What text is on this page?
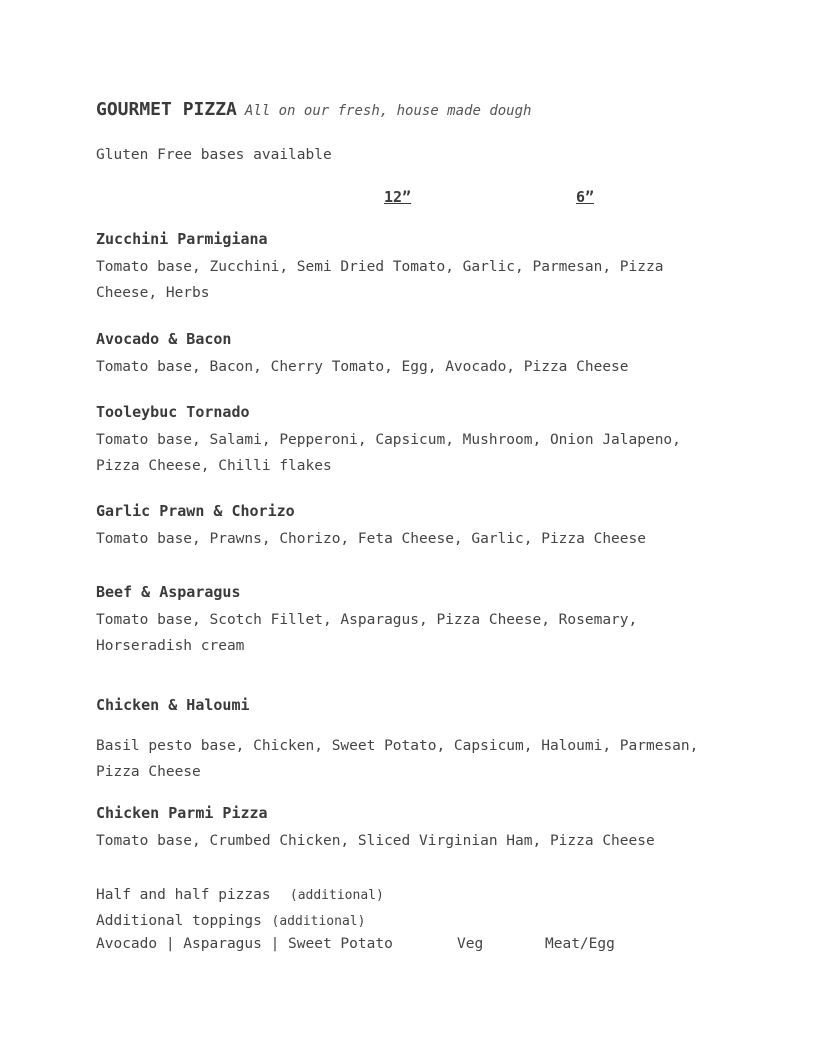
GOURMET PIZZA All on our fresh, house made dough
Gluten Free bases available
12”	6”
Zucchini Parmigiana
Tomato base, Zucchini, Semi Dried Tomato, Garlic, Parmesan, Pizza Cheese, Herbs
Avocado & Bacon
Tomato base, Bacon, Cherry Tomato, Egg, Avocado, Pizza Cheese
Tooleybuc Tornado
Tomato base, Salami, Pepperoni, Capsicum, Mushroom, Onion Jalapeno, Pizza Cheese, Chilli flakes
Garlic Prawn & Chorizo
Tomato base, Prawns, Chorizo, Feta Cheese, Garlic, Pizza Cheese
Beef & Asparagus
Tomato base, Scotch Fillet, Asparagus, Pizza Cheese, Rosemary, Horseradish cream
Chicken & Haloumi
Basil pesto base, Chicken, Sweet Potato, Capsicum, Haloumi, Parmesan, Pizza Cheese
Chicken Parmi Pizza
Tomato base, Crumbed Chicken, Sliced Virginian Ham, Pizza Cheese
Half and half pizzas (additional)
Additional toppings (additional)
Avocado | Asparagus | Sweet Potato	Veg	Meat/Egg
